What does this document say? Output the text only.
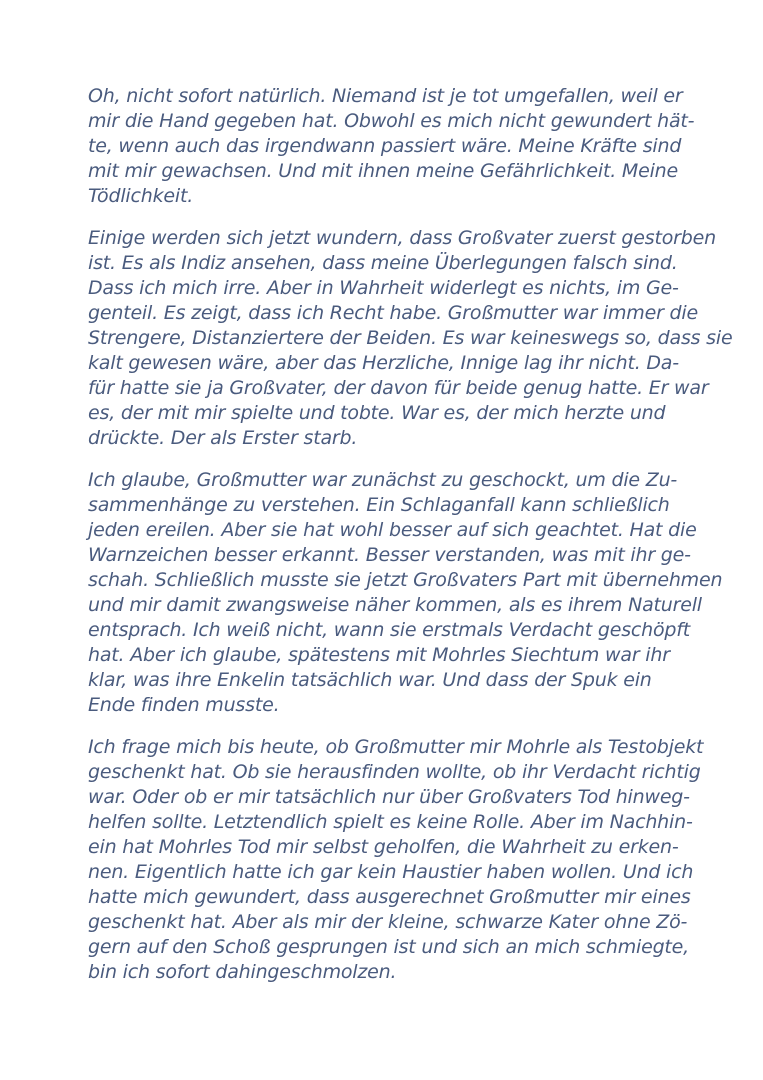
Oh, nicht sofort natürlich. Niemand ist je tot umgefallen, weil er
mir die Hand gegeben hat. Obwohl es mich nicht gewundert hät-
te, wenn auch das irgendwann passiert wäre. Meine Kräfte sind
mit mir gewachsen. Und mit ihnen meine Gefährlichkeit. Meine
Tödlichkeit.

Einige werden sich jetzt wundern, dass Großvater zuerst gestorben
ist. Es als Indiz ansehen, dass meine Überlegungen falsch sind.
Dass ich mich irre. Aber in Wahrheit widerlegt es nichts, im Ge-
genteil. Es zeigt, dass ich Recht habe. Großmutter war immer die
Strengere, Distanziertere der Beiden. Es war keineswegs so, dass sie
kalt gewesen wäre, aber das Herzliche, Innige lag ihr nicht. Da-
für hatte sie ja Großvater, der davon für beide genug hatte. Er war
es, der mit mir spielte und tobte. War es, der mich herzte und
drückte. Der als Erster starb.

Ich glaube, Großmutter war zunächst zu geschockt, um die Zu-
sammenhänge zu verstehen. Ein Schlaganfall kann schließlich
jeden ereilen. Aber sie hat wohl besser auf sich geachtet. Hat die
Warnzeichen besser erkannt. Besser verstanden, was mit ihr ge-
schah. Schließlich musste sie jetzt Großvaters Part mit übernehmen
und mir damit zwangsweise näher kommen, als es ihrem Naturell
entsprach. Ich weiß nicht, wann sie erstmals Verdacht geschöpft
hat. Aber ich glaube, spätestens mit Mohrles Siechtum war ihr
klar, was ihre Enkelin tatsächlich war. Und dass der Spuk ein
Ende finden musste.

Ich frage mich bis heute, ob Großmutter mir Mohrle als Testobjekt
geschenkt hat. Ob sie herausfinden wollte, ob ihr Verdacht richtig
war. Oder ob er mir tatsächlich nur über Großvaters Tod hinweg-
helfen sollte. Letztendlich spielt es keine Rolle. Aber im Nachhin-
ein hat Mohrles Tod mir selbst geholfen, die Wahrheit zu erken-
nen. Eigentlich hatte ich gar kein Haustier haben wollen. Und ich
hatte mich gewundert, dass ausgerechnet Großmutter mir eines
geschenkt hat. Aber als mir der kleine, schwarze Kater ohne Zö-
gern auf den Schoß gesprungen ist und sich an mich schmiegte,
bin ich sofort dahingeschmolzen.
